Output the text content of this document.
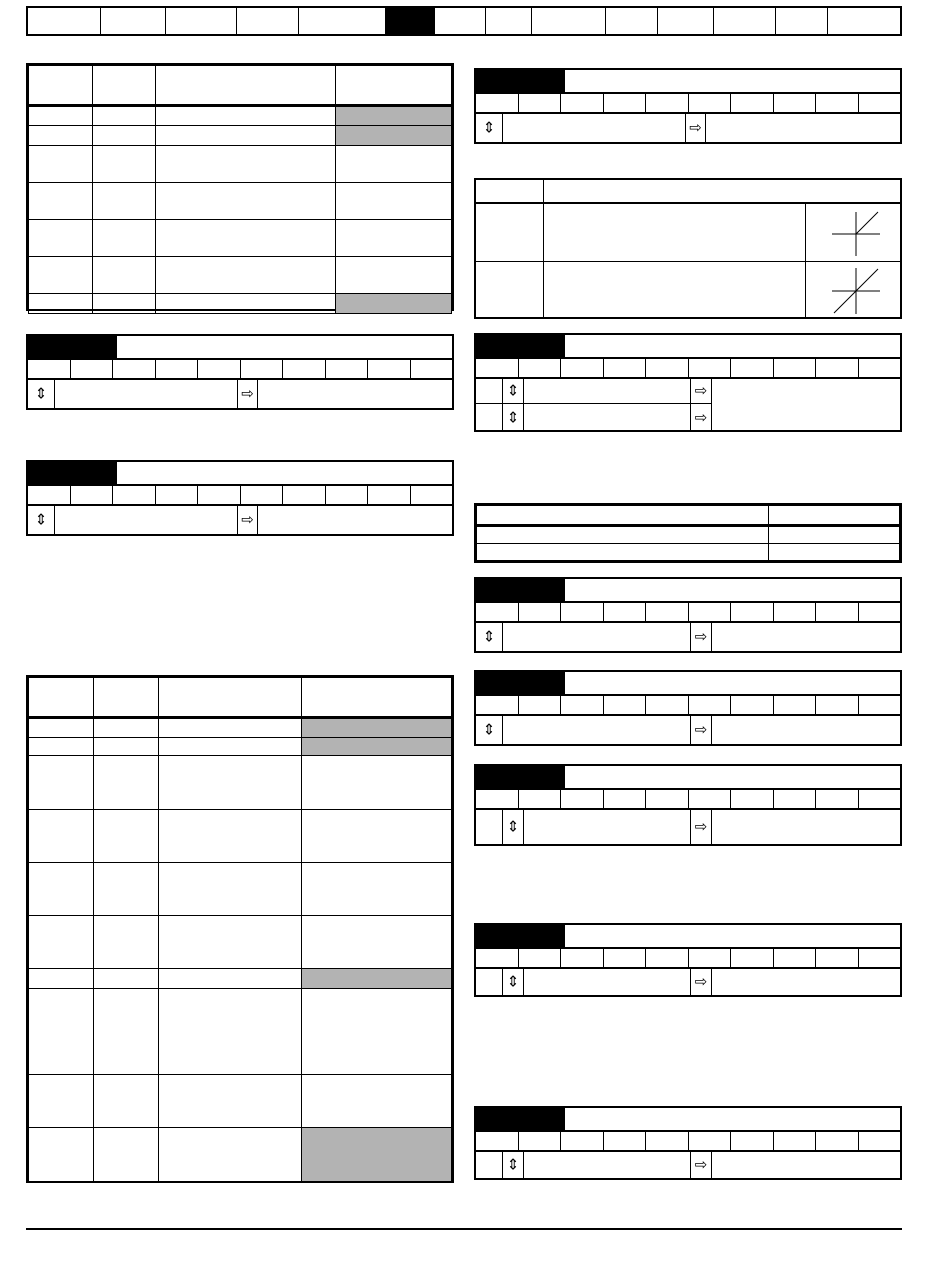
⇕	⇨
⇕	⇨

⇕	⇨
⇕	⇨
⇕	⇨

⇕	⇨
⇕	⇨
⇕	⇨
⇕	⇨
⇕	⇨
